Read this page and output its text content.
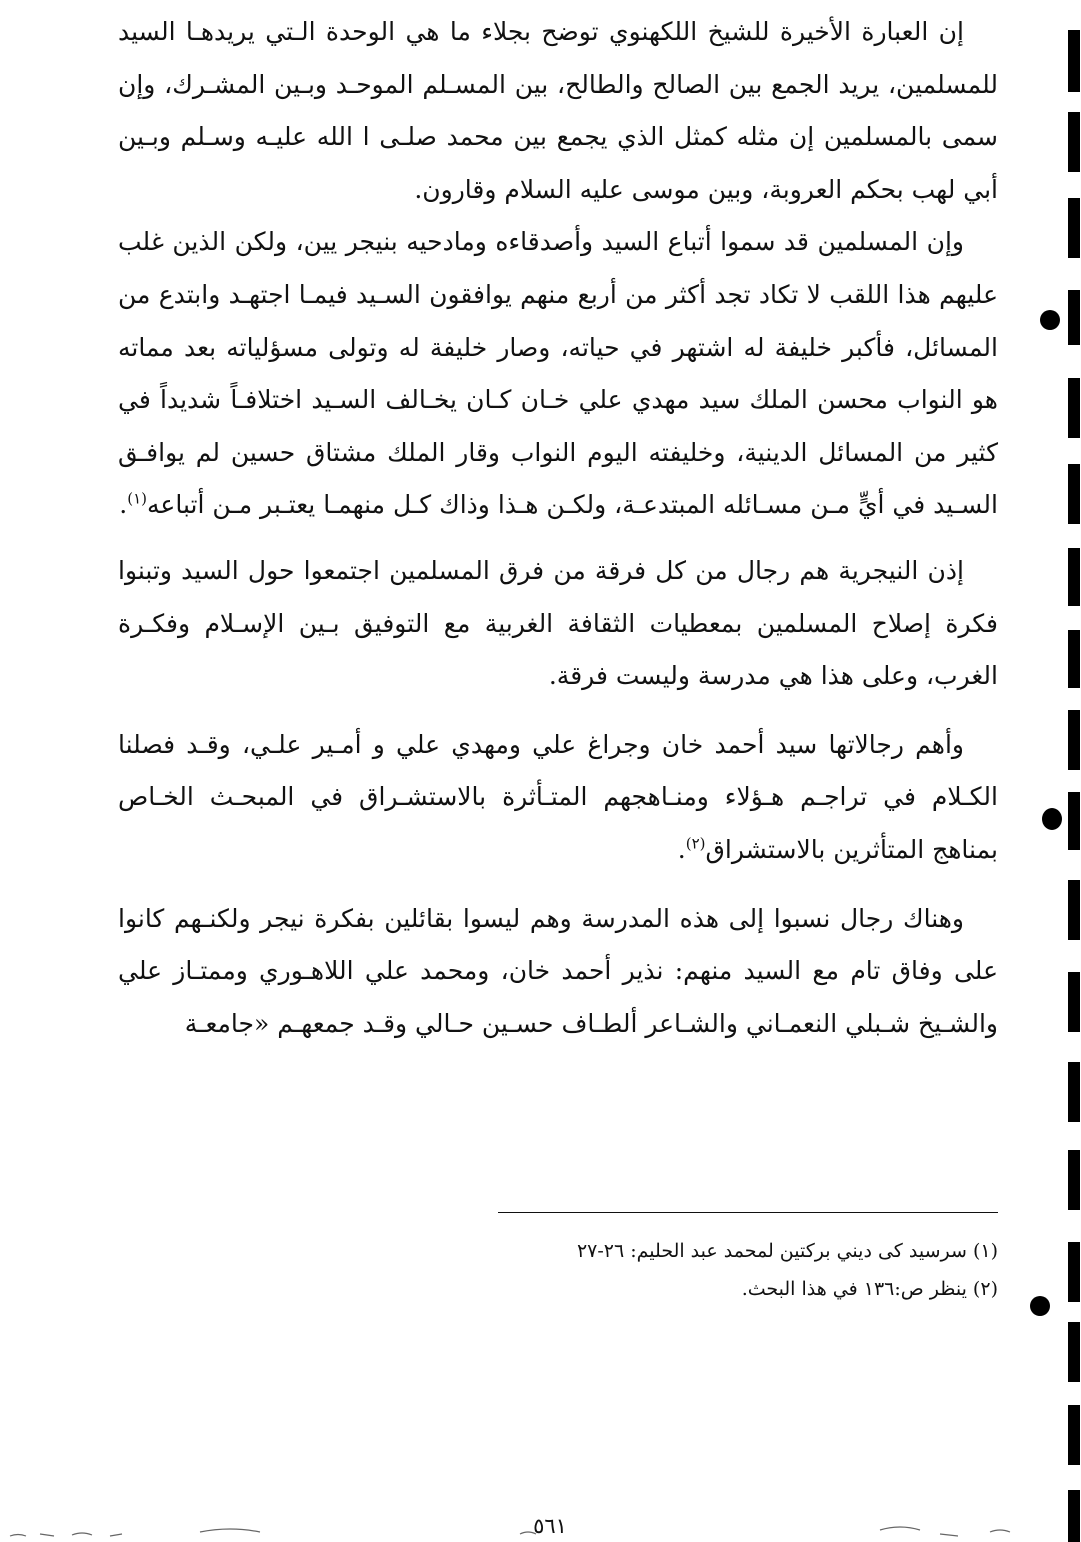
إن العبارة الأخيرة للشيخ اللكهنوي توضح بجلاء ما هي الوحدة الـتي يريدهـا السيد للمسلمين، يريد الجمع بين الصالح والطالح، بين المسـلم الموحـد وبـين المشـرك، وإن سمى بالمسلمين إن مثله كمثل الذي يجمع بين محمد صلـى ا الله عليـه وسـلم وبـين أبي لهب بحكم العروبة، وبين موسى عليه السلام وقارون.

وإن المسلمين قد سموا أتباع السيد وأصدقاءه ومادحيه بنيجر يين، ولكن الذين غلب عليهم هذا اللقب لا تكاد تجد أكثر من أربع منهم يوافقون السـيد فيمـا اجتهـد وابتدع من المسائل، فأكبر خليفة له اشتهر في حياته، وصار خليفة له وتولى مسؤلياته بعد مماته هو النواب محسن الملك سيد مهدي علي خـان كـان يخـالف السـيد اختلافـاً شديداً في كثير من المسائل الدينية، وخليفته اليوم النواب وقار الملك مشتاق حسين لم يوافـق السـيد في أيٍّ مـن مسـائله المبتدعـة، ولكـن هـذا وذاك كـل منهمـا يعتـبر مـن أتباعه$^{(١)}$.

إذن النيجرية هم رجال من كل فرقة من فرق المسلمين اجتمعوا حول السيد وتبنوا فكرة إصلاح المسلمين بمعطيات الثقافة الغربية مع التوفيق بـين الإسـلام وفكـرة الغرب، وعلى هذا هي مدرسة وليست فرقة.

وأهم رجالاتها سيد أحمد خان وجراغ علي ومهدي علي و أمـير علـي، وقـد فصلنا الكـلام في تراجـم هـؤلاء ومنـاهجهم المتـأثرة بالاستشـراق في المبحـث الخـاص بمناهج المتأثرين بالاستشراق$^{(٢)}$.

وهناك رجال نسبوا إلى هذه المدرسة وهم ليسوا بقائلين بفكرة نيجر ولكنـهم كانوا على وفاق تام مع السيد منهم: نذير أحمد خان، ومحمد علي اللاهـوري وممتـاز علي والشـيخ شـبلي النعمـاني والشـاعر ألطـاف حسـين حـالي وقـد جمعهـم «جامعـة

(١) سرسيد كى ديني بركتين لمحمد عبد الحليم: ٢٦-٢٧

(٢) ينظر ص:١٣٦ في هذا البحث.

٥٦١
